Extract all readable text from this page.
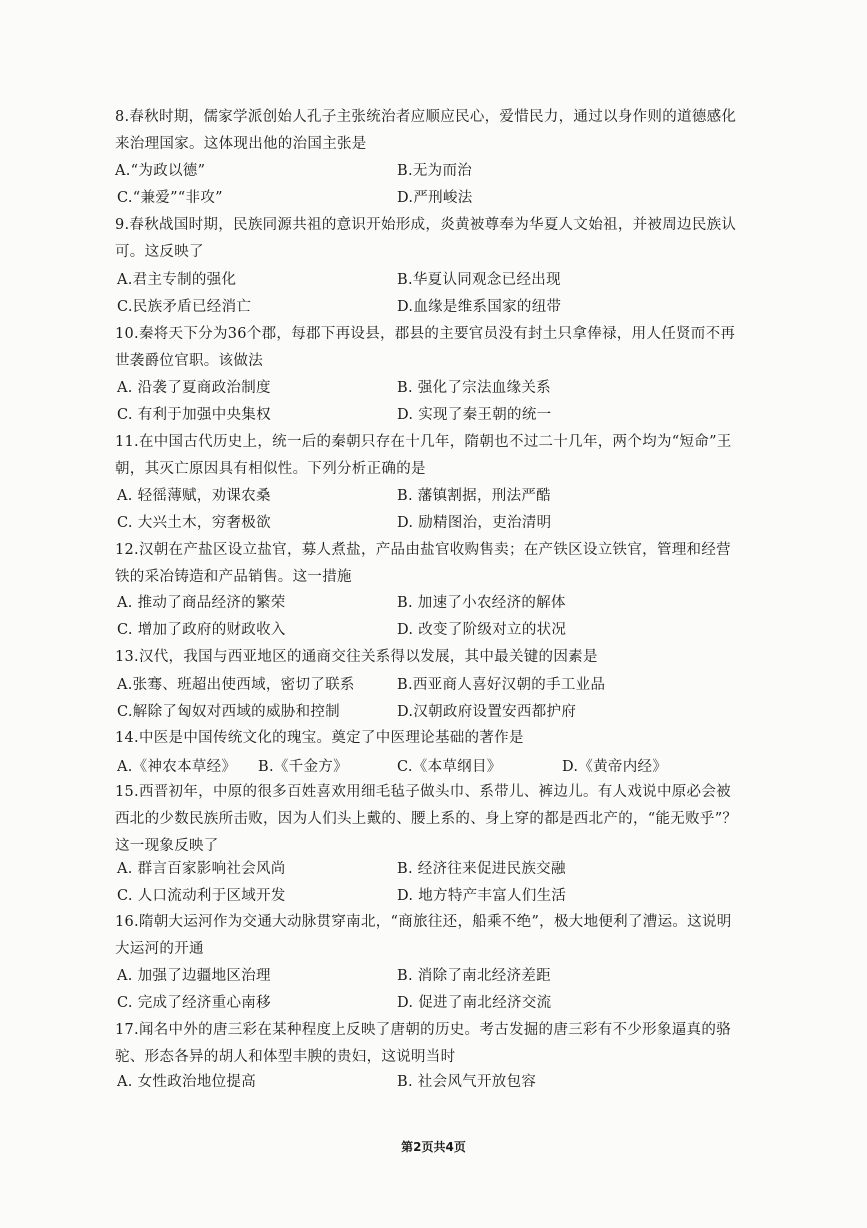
8.春秋时期，儒家学派创始人孔子主张统治者应顺应民心，爱惜民力，通过以身作则的道德感化来治理国家。这体现出他的治国主张是
A.“为政以德”	B.无为而治
C.“兼爱”“非攻”	D.严刑峻法
9.春秋战国时期，民族同源共祖的意识开始形成，炎黄被尊奉为华夏人文始祖，并被周边民族认可。这反映了
A.君主专制的强化	B.华夏认同观念已经出现
C.民族矛盾已经消亡	D.血缘是维系国家的纽带
10.秦将天下分为36个郡，每郡下再设县，郡县的主要官员没有封土只拿俸禄，用人任贤而不再世袭爵位官职。该做法
A. 沿袭了夏商政治制度	B. 强化了宗法血缘关系
C. 有利于加强中央集权	D. 实现了秦王朝的统一
11.在中国古代历史上，统一后的秦朝只存在十几年，隋朝也不过二十几年，两个均为“短命”王朝，其灭亡原因具有相似性。下列分析正确的是
A. 轻徭薄赋，劝课农桑	B. 藩镇割据，刑法严酷
C. 大兴土木，穷奢极欲	D. 励精图治，吏治清明
12.汉朝在产盐区设立盐官，募人煮盐，产品由盐官收购售卖；在产铁区设立铁官，管理和经营铁的采冶铸造和产品销售。这一措施
A. 推动了商品经济的繁荣	B. 加速了小农经济的解体
C. 增加了政府的财政收入	D. 改变了阶级对立的状况
13.汉代，我国与西亚地区的通商交往关系得以发展，其中最关键的因素是
A.张骞、班超出使西域，密切了联系	B.西亚商人喜好汉朝的手工业品
C.解除了匈奴对西域的威胁和控制	D.汉朝政府设置安西都护府
14.中医是中国传统文化的瑰宝。奠定了中医理论基础的著作是
A.《神农本草经》 B.《千金方》	C.《本草纲目》	D.《黄帝内经》
15.西晋初年，中原的很多百姓喜欢用细毛毡子做头巾、系带儿、裤边儿。有人戏说中原必会被西北的少数民族所击败，因为人们头上戴的、腰上系的、身上穿的都是西北产的，“能无败乎”？这一现象反映了
A. 群言百家影响社会风尚	B. 经济往来促进民族交融
C. 人口流动利于区域开发	D. 地方特产丰富人们生活
16.隋朝大运河作为交通大动脉贯穿南北，“商旅往还，船乘不绝”，极大地便利了漕运。这说明大运河的开通
A. 加强了边疆地区治理	B. 消除了南北经济差距
C. 完成了经济重心南移	D. 促进了南北经济交流
17.闻名中外的唐三彩在某种程度上反映了唐朝的历史。考古发掘的唐三彩有不少形象逼真的骆驼、形态各异的胡人和体型丰腴的贵妇，这说明当时
A. 女性政治地位提高	B. 社会风气开放包容
第2页共4页
